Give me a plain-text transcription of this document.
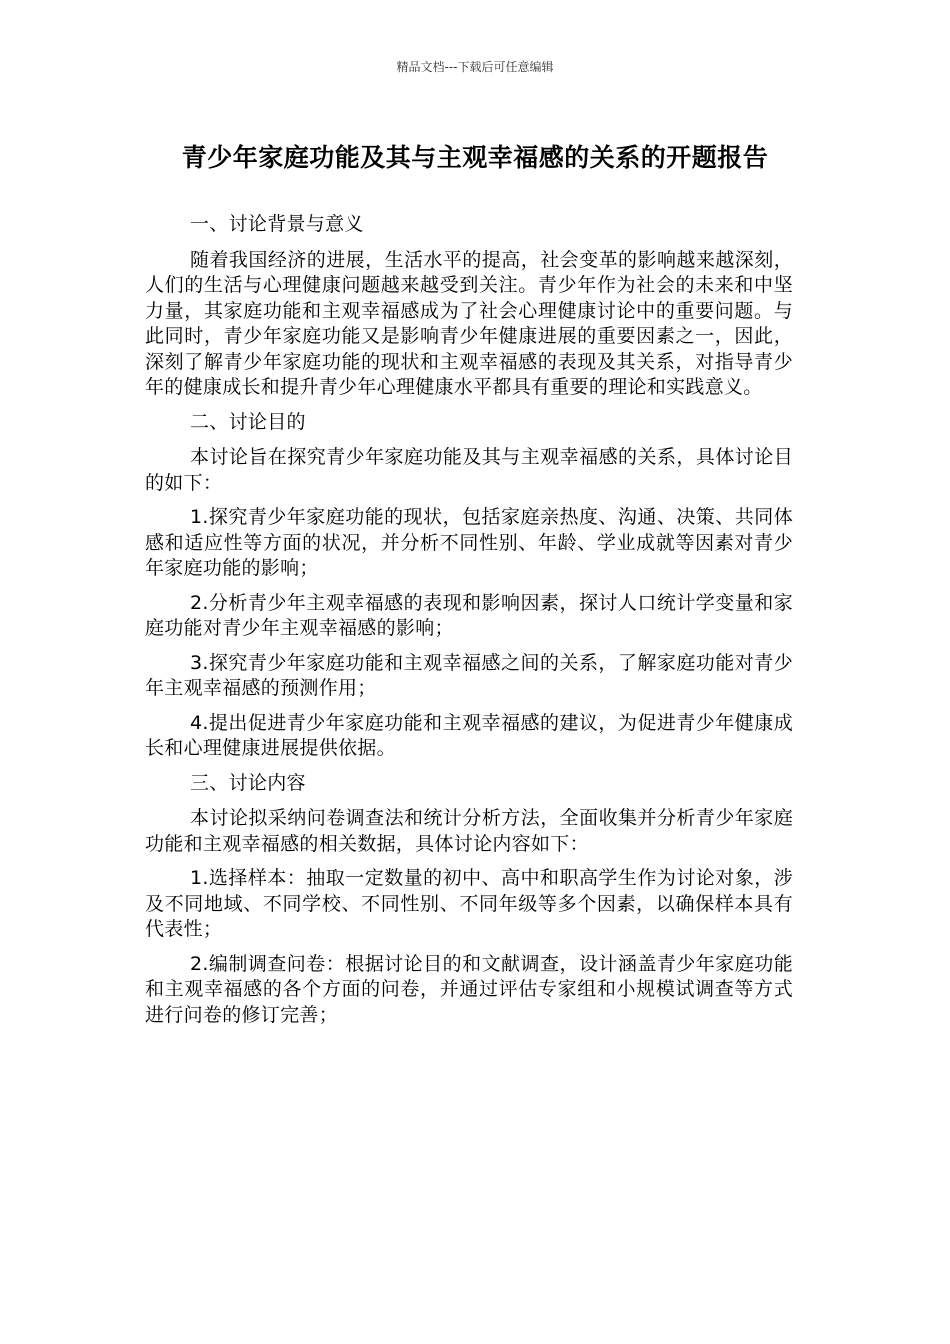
精品文档---下载后可任意编辑
青少年家庭功能及其与主观幸福感的关系的开题报告

一、讨论背景与意义

随着我国经济的进展，生活水平的提高，社会变革的影响越来越深刻，人们的生活与心理健康问题越来越受到关注。青少年作为社会的未来和中坚力量，其家庭功能和主观幸福感成为了社会心理健康讨论中的重要问题。与此同时，青少年家庭功能又是影响青少年健康进展的重要因素之一，因此，深刻了解青少年家庭功能的现状和主观幸福感的表现及其关系，对指导青少年的健康成长和提升青少年心理健康水平都具有重要的理论和实践意义。

二、讨论目的

本讨论旨在探究青少年家庭功能及其与主观幸福感的关系，具体讨论目的如下：

1.探究青少年家庭功能的现状，包括家庭亲热度、沟通、决策、共同体感和适应性等方面的状况，并分析不同性别、年龄、学业成就等因素对青少年家庭功能的影响；

2.分析青少年主观幸福感的表现和影响因素，探讨人口统计学变量和家庭功能对青少年主观幸福感的影响；

3.探究青少年家庭功能和主观幸福感之间的关系，了解家庭功能对青少年主观幸福感的预测作用；

4.提出促进青少年家庭功能和主观幸福感的建议，为促进青少年健康成长和心理健康进展提供依据。

三、讨论内容

本讨论拟采纳问卷调查法和统计分析方法，全面收集并分析青少年家庭功能和主观幸福感的相关数据，具体讨论内容如下：

1.选择样本：抽取一定数量的初中、高中和职高学生作为讨论对象，涉及不同地域、不同学校、不同性别、不同年级等多个因素，以确保样本具有代表性；

2.编制调查问卷：根据讨论目的和文献调查，设计涵盖青少年家庭功能和主观幸福感的各个方面的问卷，并通过评估专家组和小规模试调查等方式进行问卷的修订完善；
